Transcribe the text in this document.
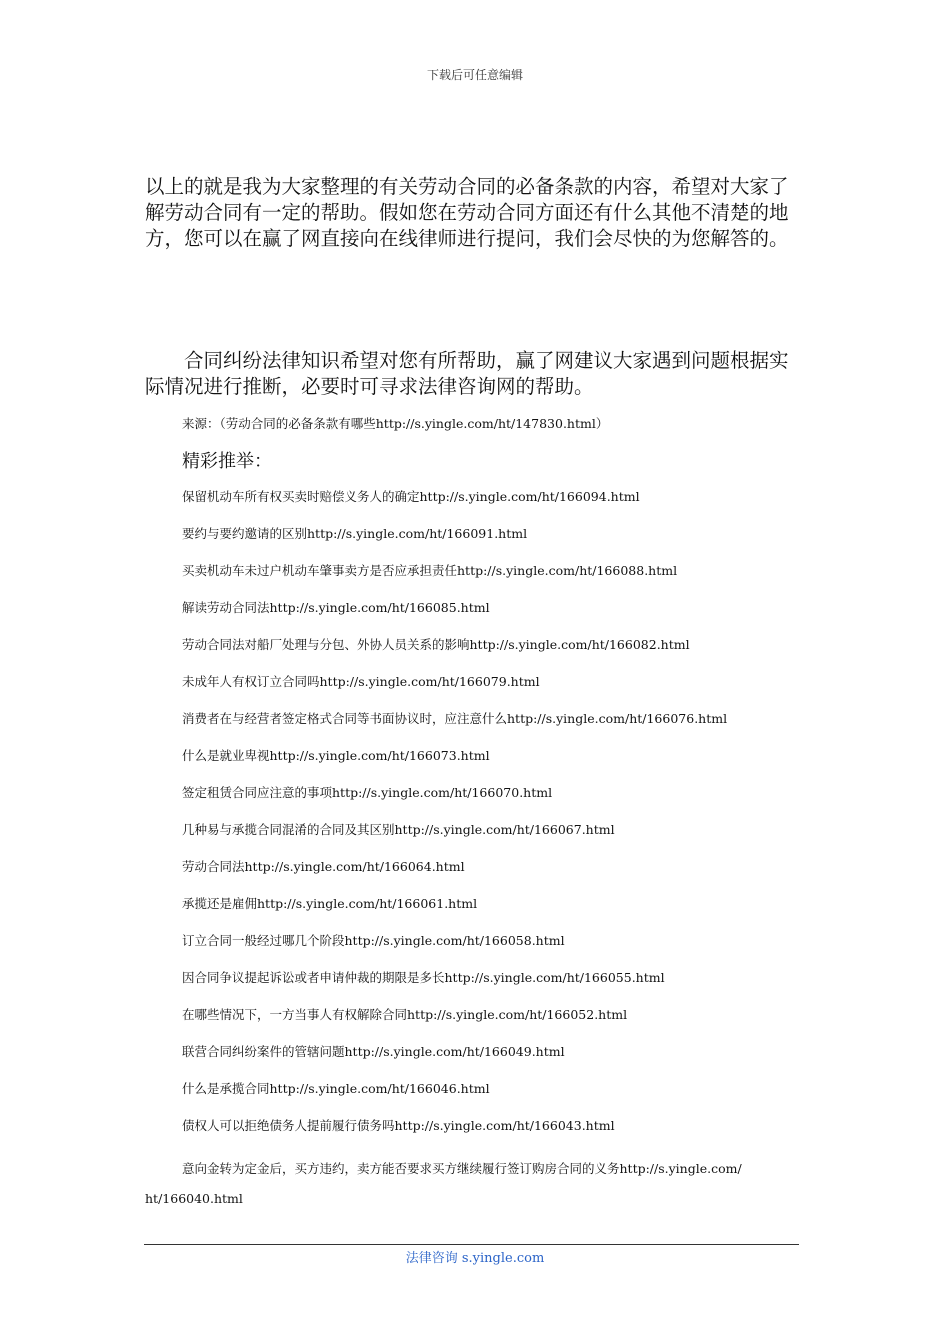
下载后可任意编辑

以上的就是我为大家整理的有关劳动合同的必备条款的内容，希望对大家了解劳动合同有一定的帮助。假如您在劳动合同方面还有什么其他不清楚的地方，您可以在赢了网直接向在线律师进行提问，我们会尽快的为您解答的。

合同纠纷法律知识希望对您有所帮助，赢了网建议大家遇到问题根据实际情况进行推断，必要时可寻求法律咨询网的帮助。

来源：（劳动合同的必备条款有哪些http://s.yingle.com/ht/147830.html）
精彩推举：
保留机动车所有权买卖时赔偿义务人的确定http://s.yingle.com/ht/166094.html
要约与要约邀请的区别http://s.yingle.com/ht/166091.html
买卖机动车未过户机动车肇事卖方是否应承担责任http://s.yingle.com/ht/166088.html
解读劳动合同法http://s.yingle.com/ht/166085.html
劳动合同法对船厂处理与分包、外协人员关系的影响http://s.yingle.com/ht/166082.html
未成年人有权订立合同吗http://s.yingle.com/ht/166079.html
消费者在与经营者签定格式合同等书面协议时，应注意什么http://s.yingle.com/ht/166076.html
什么是就业卑视http://s.yingle.com/ht/166073.html
签定租赁合同应注意的事项http://s.yingle.com/ht/166070.html
几种易与承揽合同混淆的合同及其区别http://s.yingle.com/ht/166067.html
劳动合同法http://s.yingle.com/ht/166064.html
承揽还是雇佣http://s.yingle.com/ht/166061.html
订立合同一般经过哪几个阶段http://s.yingle.com/ht/166058.html
因合同争议提起诉讼或者申请仲裁的期限是多长http://s.yingle.com/ht/166055.html
在哪些情况下，一方当事人有权解除合同http://s.yingle.com/ht/166052.html
联营合同纠纷案件的管辖问题http://s.yingle.com/ht/166049.html
什么是承揽合同http://s.yingle.com/ht/166046.html
债权人可以拒绝债务人提前履行债务吗http://s.yingle.com/ht/166043.html
意向金转为定金后，买方违约，卖方能否要求买方继续履行签订购房合同的义务http://s.yingle.com/ht/166040.html
法律咨询 s.yingle.com
